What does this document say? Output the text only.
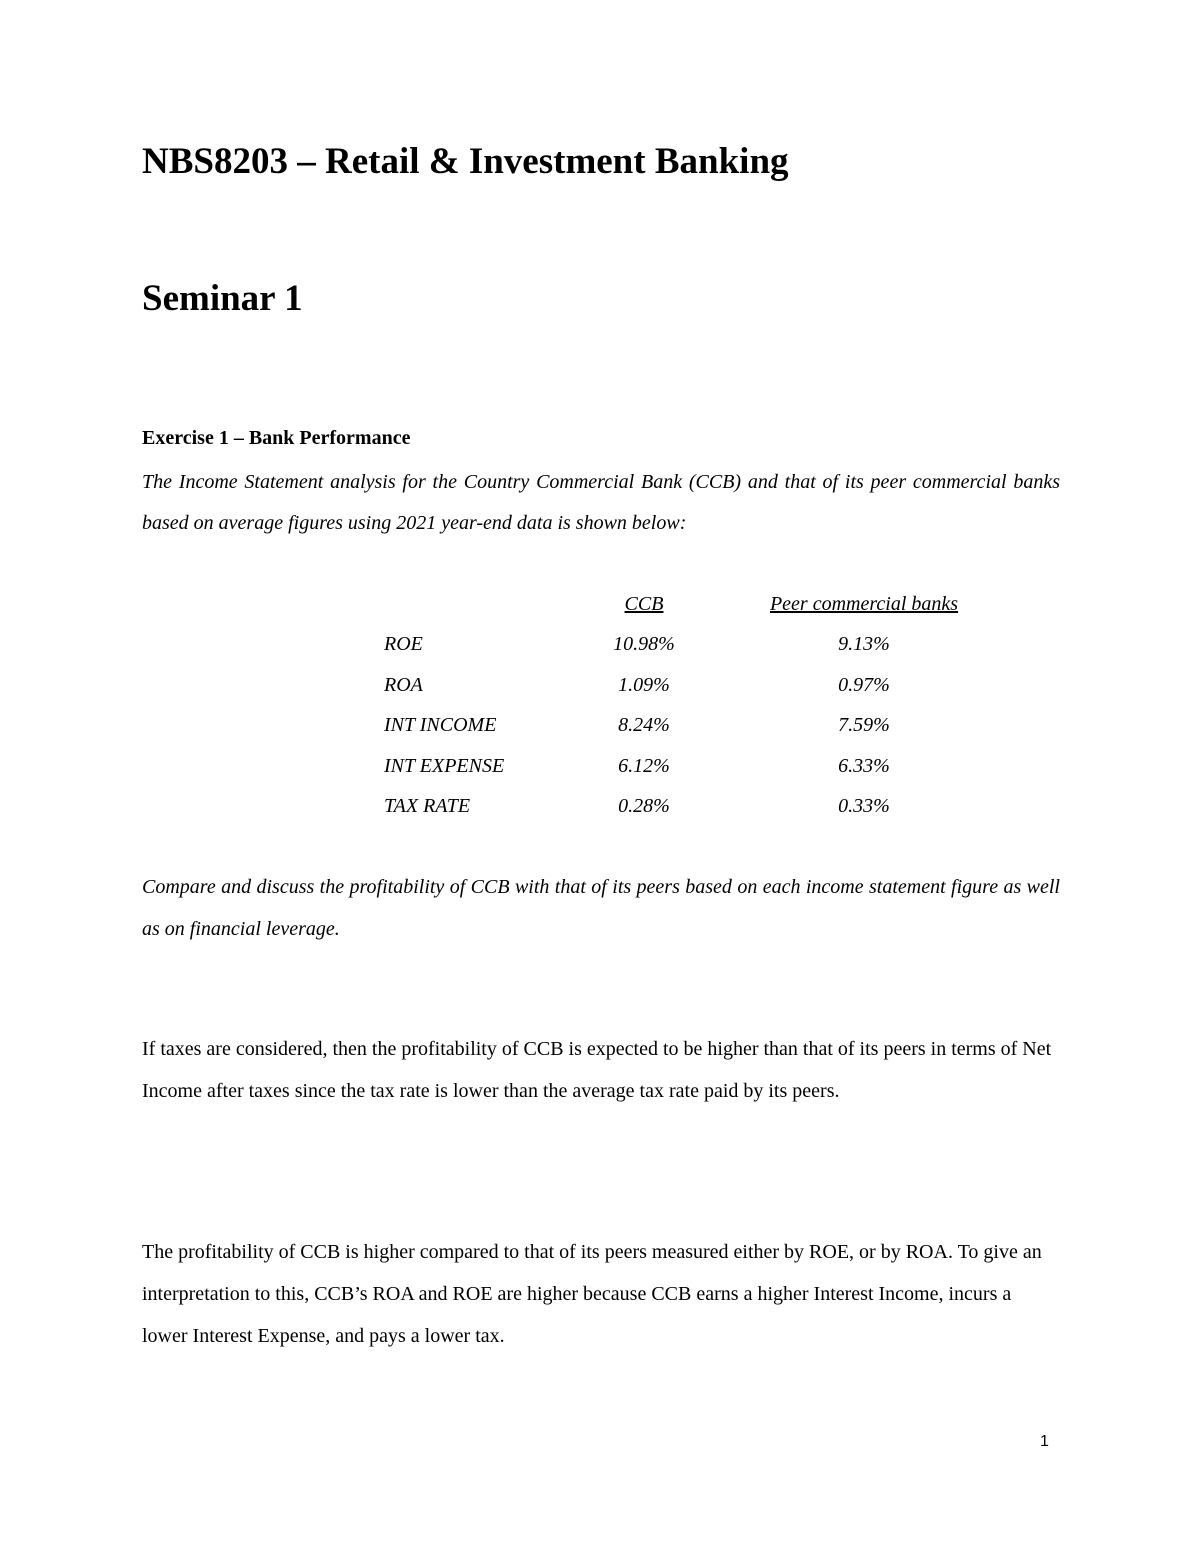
NBS8203 – Retail & Investment Banking
Seminar 1
Exercise 1 – Bank Performance

The Income Statement analysis for the Country Commercial Bank (CCB) and that of its peer commercial banks based on average figures using 2021 year-end data is shown below:

	CCB		Peer commercial banks
ROE	10.98%		9.13%
ROA	1.09%		0.97%
INT INCOME	8.24%		7.59%
INT EXPENSE	6.12%		6.33%
TAX RATE	0.28%		0.33%

Compare and discuss the profitability of CCB with that of its peers based on each income statement figure as well as on financial leverage.

If taxes are considered, then the profitability of CCB is expected to be higher than that of its peers in terms of Net Income after taxes since the tax rate is lower than the average tax rate paid by its peers.

The profitability of CCB is higher compared to that of its peers measured either by ROE, or by ROA. To give an interpretation to this, CCB’s ROA and ROE are higher because CCB earns a higher Interest Income, incurs a lower Interest Expense, and pays a lower tax.

1
